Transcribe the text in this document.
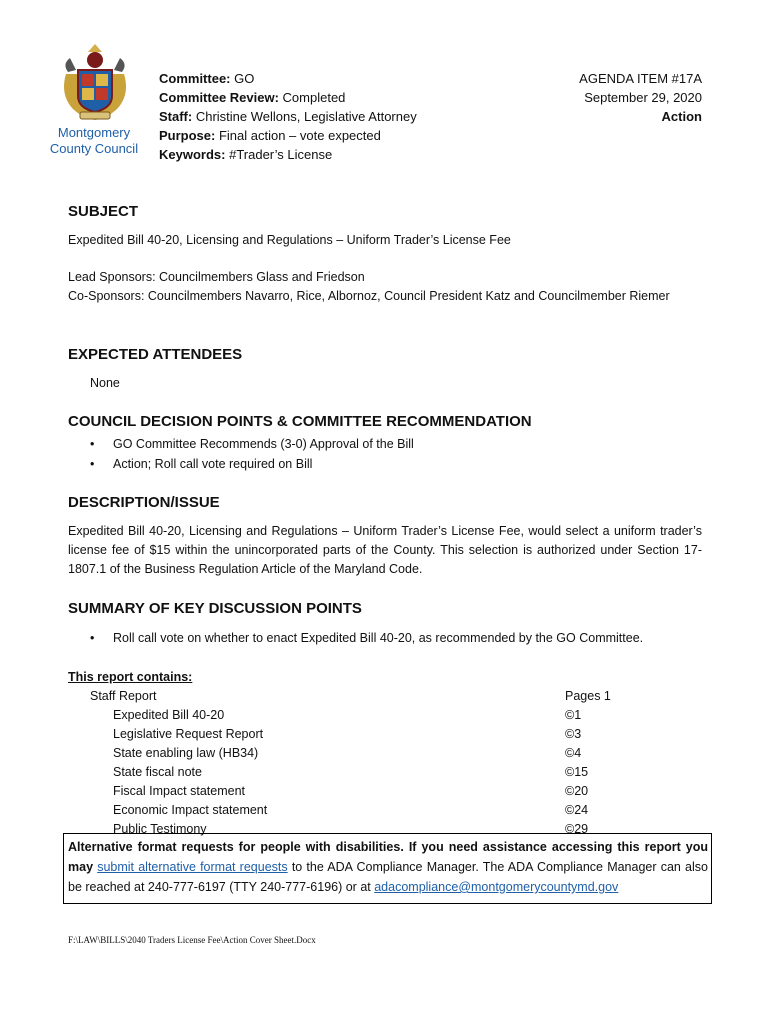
Montgomery
County Council
Committee: GO
Committee Review: Completed
Staff: Christine Wellons, Legislative Attorney
Purpose: Final action – vote expected
Keywords: #Trader’s License
AGENDA ITEM #17A
September 29, 2020
Action
SUBJECT
Expedited Bill 40-20, Licensing and Regulations – Uniform Trader’s License Fee
Lead Sponsors: Councilmembers Glass and Friedson
Co-Sponsors: Councilmembers Navarro, Rice, Albornoz, Council President Katz and Councilmember Riemer
EXPECTED ATTENDEES
None
COUNCIL DECISION POINTS & COMMITTEE RECOMMENDATION
• GO Committee Recommends (3-0) Approval of the Bill
• Action; Roll call vote required on Bill
DESCRIPTION/ISSUE
Expedited Bill 40-20, Licensing and Regulations – Uniform Trader’s License Fee, would select a uniform trader’s license fee of $15 within the unincorporated parts of the County. This selection is authorized under Section 17-1807.1 of the Business Regulation Article of the Maryland Code.
SUMMARY OF KEY DISCUSSION POINTS
• Roll call vote on whether to enact Expedited Bill 40-20, as recommended by the GO Committee.
This report contains:
Staff Report	Pages 1
Expedited Bill 40-20	©1
Legislative Request Report	©3
State enabling law (HB34)	©4
State fiscal note	©15
Fiscal Impact statement	©20
Economic Impact statement	©24
Public Testimony	©29
Alternative format requests for people with disabilities. If you need assistance accessing this report you may submit alternative format requests to the ADA Compliance Manager. The ADA Compliance Manager can also be reached at 240-777-6197 (TTY 240-777-6196) or at adacompliance@montgomerycountymd.gov
F:\LAW\BILLS\2040 Traders License Fee\Action Cover Sheet.Docx
